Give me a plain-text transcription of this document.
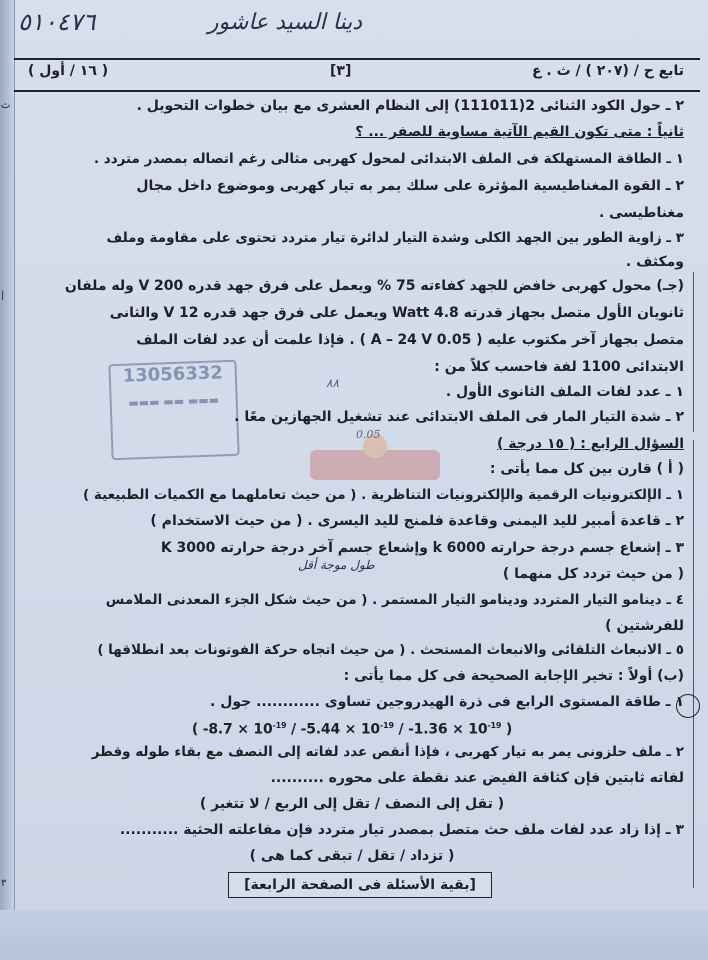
ث
|
٣
٥١٠٤٧٦	دينا السيد عاشور
تابع ح / (٢٠٧ ) / ث . ع
[٣]
( ١٦ / أول )
13056332
▬▬▬ ▬▬ ▬▬▬
٨٨
0.05
٢ ـ حول الكود الثنائى 2(111011) إلى النظام العشرى مع بيان خطوات التحويل .
ثانياً : متى تكون القيم الآتية مساوية للصفر ... ؟
١ ـ الطاقة المستهلكة فى الملف الابتدائى لمحول كهربى مثالى رغم اتصاله بمصدر متردد .
٢ ـ القوة المغناطيسية المؤثرة على سلك يمر به تيار كهربى وموضوع داخل مجال
مغناطيسى .
٣ ـ زاوية الطور بين الجهد الكلى وشدة التيار لدائرة تيار متردد تحتوى على مقاومة وملف
ومكثف .
(جـ) محول كهربى خافض للجهد كفاءته 75 % ويعمل على فرق جهد قدره 200 V وله ملفان
ثانويان الأول متصل بجهاز قدرته 4.8 Watt ويعمل على فرق جهد قدره 12 V والثانى
متصل بجهاز آخر مكتوب عليه ( 0.05 A – 24 V ) . فإذا علمت أن عدد لفات الملف
الابتدائى 1100 لفة فاحسب كلاً من :
١ ـ عدد لفات الملف الثانوى الأول .
٢ ـ شدة التيار المار فى الملف الابتدائى عند تشغيل الجهازين معًا .
السؤال الرابع : ( ١٥ درجة )
( أ ) قارن بين كل مما يأتى :
١ ـ الإلكترونيات الرقمية والإلكترونيات التناظرية . ( من حيث تعاملهما مع الكميات الطبيعية )
٢ ـ قاعدة أمبير لليد اليمنى وقاعدة فلمنج لليد اليسرى . ( من حيث الاستخدام )
٣ ـ إشعاع جسم درجة حرارته 6000 k وإشعاع جسم آخر درجة حرارته 3000 K
( من حيث تردد كل منهما )
طول موجة أقل
٤ ـ دينامو التيار المتردد ودينامو التيار المستمر . ( من حيث شكل الجزء المعدنى الملامس
للفرشتين )
٥ ـ الانبعاث التلقائى والانبعاث المستحث . ( من حيث اتجاه حركة الفوتونات بعد انطلاقها )
(ب) أولاً : تخير الإجابة الصحيحة فى كل مما يأتى :
١ ـ طاقة المستوى الرابع فى ذرة الهيدروجين تساوى ............ جول .
( $-8.7 \times 10^{-19} / -5.44 \times 10^{-19} / -1.36 \times 10^{-19}$ )
٢ ـ ملف حلزونى يمر به تيار كهربى ، فإذا أنقص عدد لفاته إلى النصف مع بقاء طوله وقطر
لفاته ثابتين فإن كثافة الفيض عند نقطة على محوره ..........
( تقل إلى النصف / تقل إلى الربع / لا تتغير )
٣ ـ إذا زاد عدد لفات ملف حث متصل بمصدر تيار متردد فإن مفاعلته الحثية ...........
( تزداد / تقل / تبقى كما هى )
[بقية الأسئلة فى الصفحة الرابعة]
